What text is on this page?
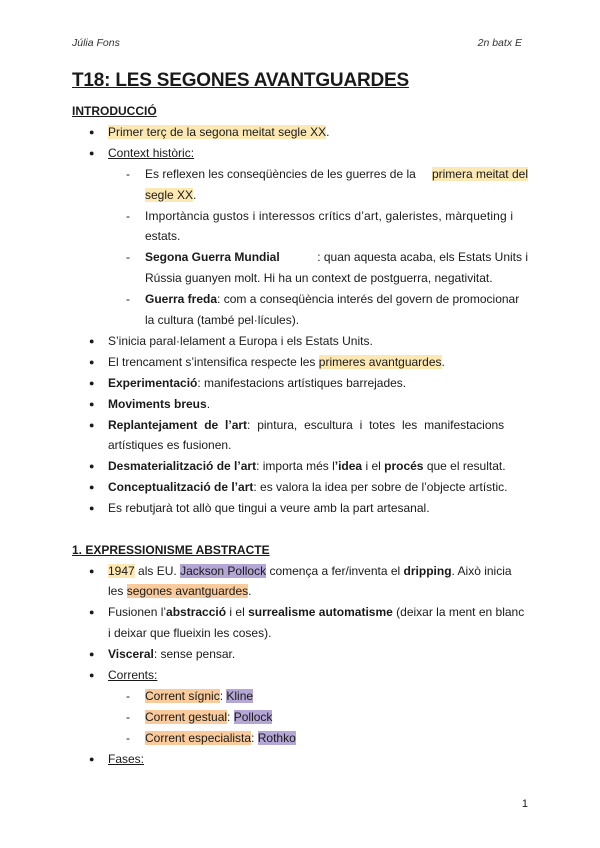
Júlia Fons	2n batx E
T18: LES SEGONES AVANTGUARDES
INTRODUCCIÓ
● Primer terç de la segona meitat segle XX.
● Context històric:
- Es reflexen les conseqüències de les guerres de la primera meitat del
segle XX.
- Importància gustos i interessos crítics d’art, galeristes, màrqueting i
estats.
- Segona Guerra Mundial	: quan aquesta acaba, els Estats Units i
Rússia guanyen molt. Hi ha un context de postguerra, negativitat.
- Guerra freda: com a conseqüència interés del govern de promocionar
la cultura (també pel·lícules).
● S’inicia paral·lelament a Europa i els Estats Units.
● El trencament s’intensifica respecte les primeres avantguardes.
● Experimentació: manifestacions artístiques barrejades.
● Moviments breus.
● Replantejament de l’art: pintura, escultura i totes les manifestacions
artístiques es fusionen.
● Desmaterialització de l’art: importa més l’idea i el procés que el resultat.
● Conceptualització de l’art: es valora la idea per sobre de l’objecte artístic.
● Es rebutjarà tot allò que tingui a veure amb la part artesanal.
1. EXPRESSIONISME ABSTRACTE
● 1947 als EU. Jackson Pollock comença a fer/inventa el dripping. Això inicia
les segones avantguardes.
● Fusionen l’abstracció i el surrealisme automatisme (deixar la ment en blanc
i deixar que flueixin les coses).
● Visceral: sense pensar.
● Corrents:
- Corrent sígnic: Kline
- Corrent gestual: Pollock
- Corrent especialista: Rothko
● Fases:
1
